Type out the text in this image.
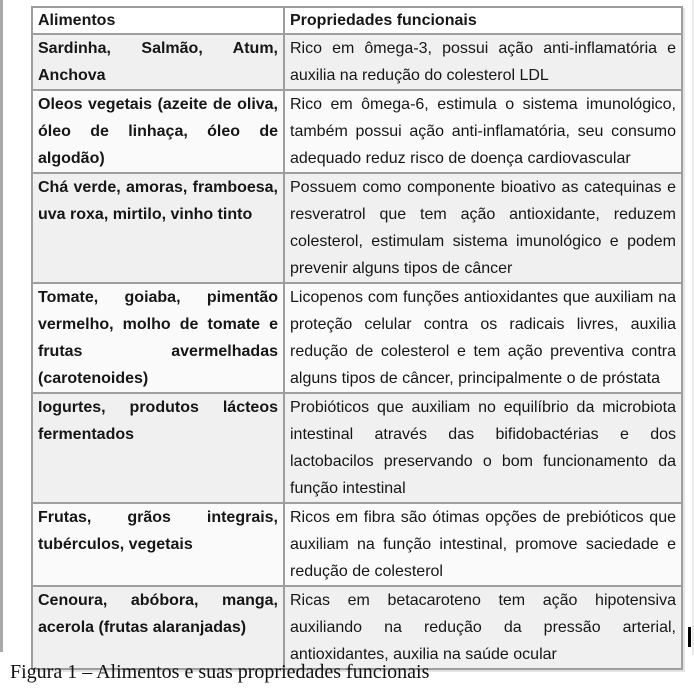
Alimentos	Propriedades funcionais
Sardinha, Salmão, Atum, Anchova	Rico em ômega-3, possui ação anti-inflamatória e auxilia na redução do colesterol LDL
Oleos vegetais (azeite de oliva, óleo de linhaça, óleo de algodão)	Rico em ômega-6, estimula o sistema imunológico, também possui ação anti-inflamatória, seu consumo adequado reduz risco de doença cardiovascular
Chá verde, amoras, framboesa, uva roxa, mirtilo, vinho tinto	Possuem como componente bioativo as catequinas e resveratrol que tem ação antioxidante, reduzem colesterol, estimulam sistema imunológico e podem prevenir alguns tipos de câncer
Tomate, goiaba, pimentão vermelho, molho de tomate e frutas avermelhadas (carotenoides)	Licopenos com funções antioxidantes que auxiliam na proteção celular contra os radicais livres, auxilia redução de colesterol e tem ação preventiva contra alguns tipos de câncer, principalmente o de próstata
Iogurtes, produtos lácteos fermentados	Probióticos que auxiliam no equilíbrio da microbiota intestinal através das bifidobactérias e dos lactobacilos preservando o bom funcionamento da função intestinal
Frutas, grãos integrais, tubérculos, vegetais	Ricos em fibra são ótimas opções de prebióticos que auxiliam na função intestinal, promove saciedade e redução de colesterol
Cenoura, abóbora, manga, acerola (frutas alaranjadas)	Ricas em betacaroteno tem ação hipotensiva auxiliando na redução da pressão arterial, antioxidantes, auxilia na saúde ocular
Figura 1 – Alimentos e suas propriedades funcionais
